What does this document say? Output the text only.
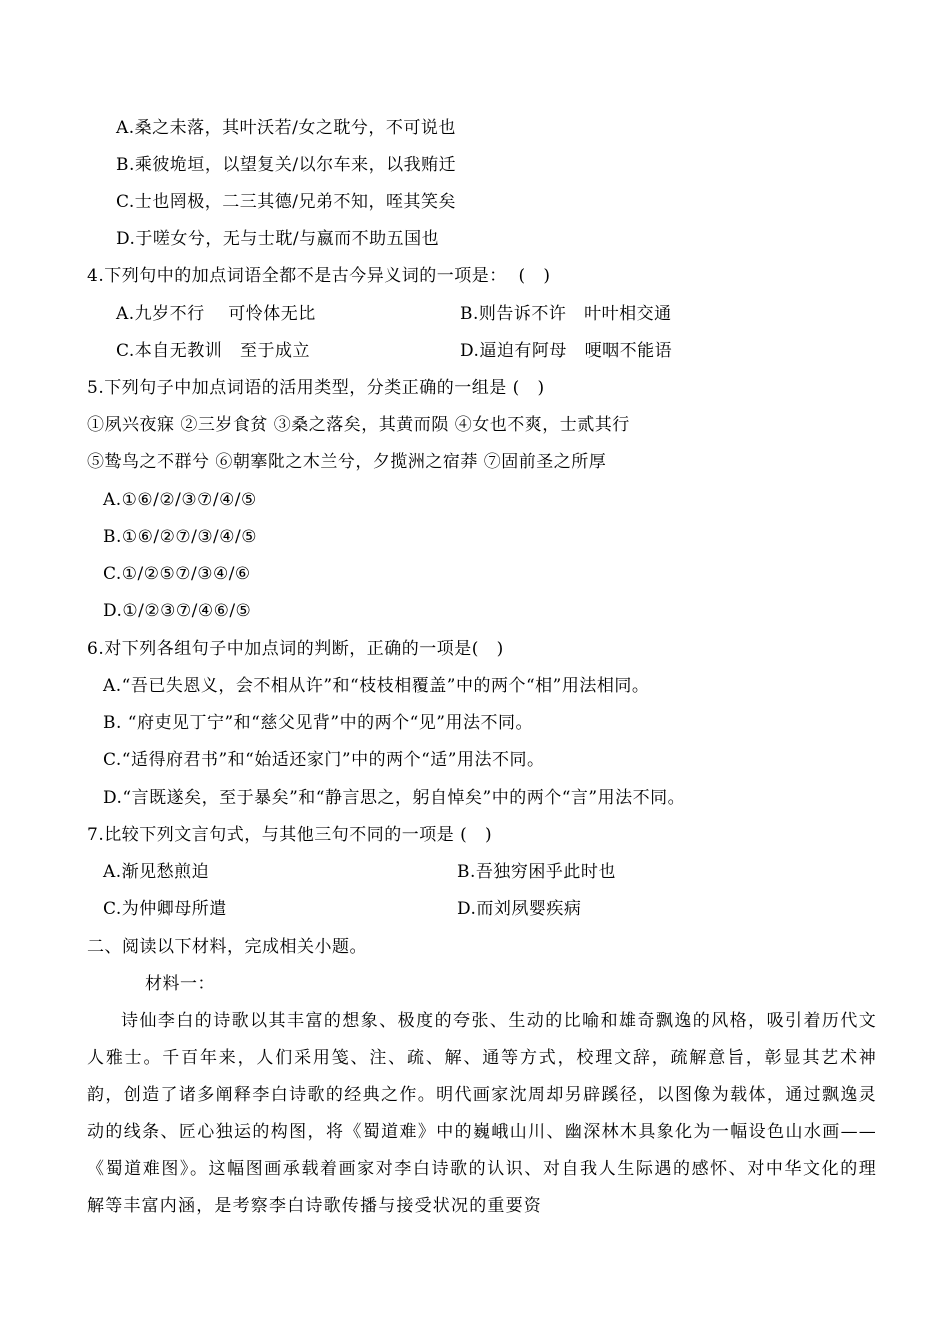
A.桑之未落，其叶沃若/女之耽兮，不可说也
B.乘彼垝垣，以望复关/以尔车来，以我贿迁
C.士也罔极，二三其德/兄弟不知，咥其笑矣
D.于嗟女兮，无与士耽/与嬴而不助五国也
4.下列句中的加点词语全都不是古今异义词的一项是：  (   )
A.九岁不行    可怜体无比	B.则告诉不许   叶叶相交通
C.本自无教训   至于成立	D.逼迫有阿母   哽咽不能语
5.下列句子中加点词语的活用类型，分类正确的一组是 (   )
①夙兴夜寐 ②三岁食贫 ③桑之落矣，其黄而陨 ④女也不爽，士贰其行
⑤鸷鸟之不群兮 ⑥朝搴阰之木兰兮，夕揽洲之宿莽 ⑦固前圣之所厚
A.①⑥/②/③⑦/④/⑤
B.①⑥/②⑦/③/④/⑤
C.①/②⑤⑦/③④/⑥
D.①/②③⑦/④⑥/⑤
6.对下列各组句子中加点词的判断，正确的一项是(   )
A.“吾已失恩义，会不相从许”和“枝枝相覆盖”中的两个“相”用法相同。
B. “府吏见丁宁”和“慈父见背”中的两个“见”用法不同。
C.“适得府君书”和“始适还家门”中的两个“适”用法不同。
D.“言既遂矣，至于暴矣”和“静言思之，躬自悼矣”中的两个“言”用法不同。
7.比较下列文言句式，与其他三句不同的一项是 (   )
A.渐见愁煎迫	B.吾独穷困乎此时也
C.为仲卿母所遣	D.而刘夙婴疾病
二、阅读以下材料，完成相关小题。
材料一：
诗仙李白的诗歌以其丰富的想象、极度的夸张、生动的比喻和雄奇飘逸的风格，吸引着历代文人雅士。千百年来，人们采用笺、注、疏、解、通等方式，校理文辞，疏解意旨，彰显其艺术神韵，创造了诸多阐释李白诗歌的经典之作。明代画家沈周却另辟蹊径，以图像为载体，通过飘逸灵动的线条、匠心独运的构图，将《蜀道难》中的巍峨山川、幽深林木具象化为一幅设色山水画——《蜀道难图》。这幅图画承载着画家对李白诗歌的认识、对自我人生际遇的感怀、对中华文化的理解等丰富内涵，是考察李白诗歌传播与接受状况的重要资
